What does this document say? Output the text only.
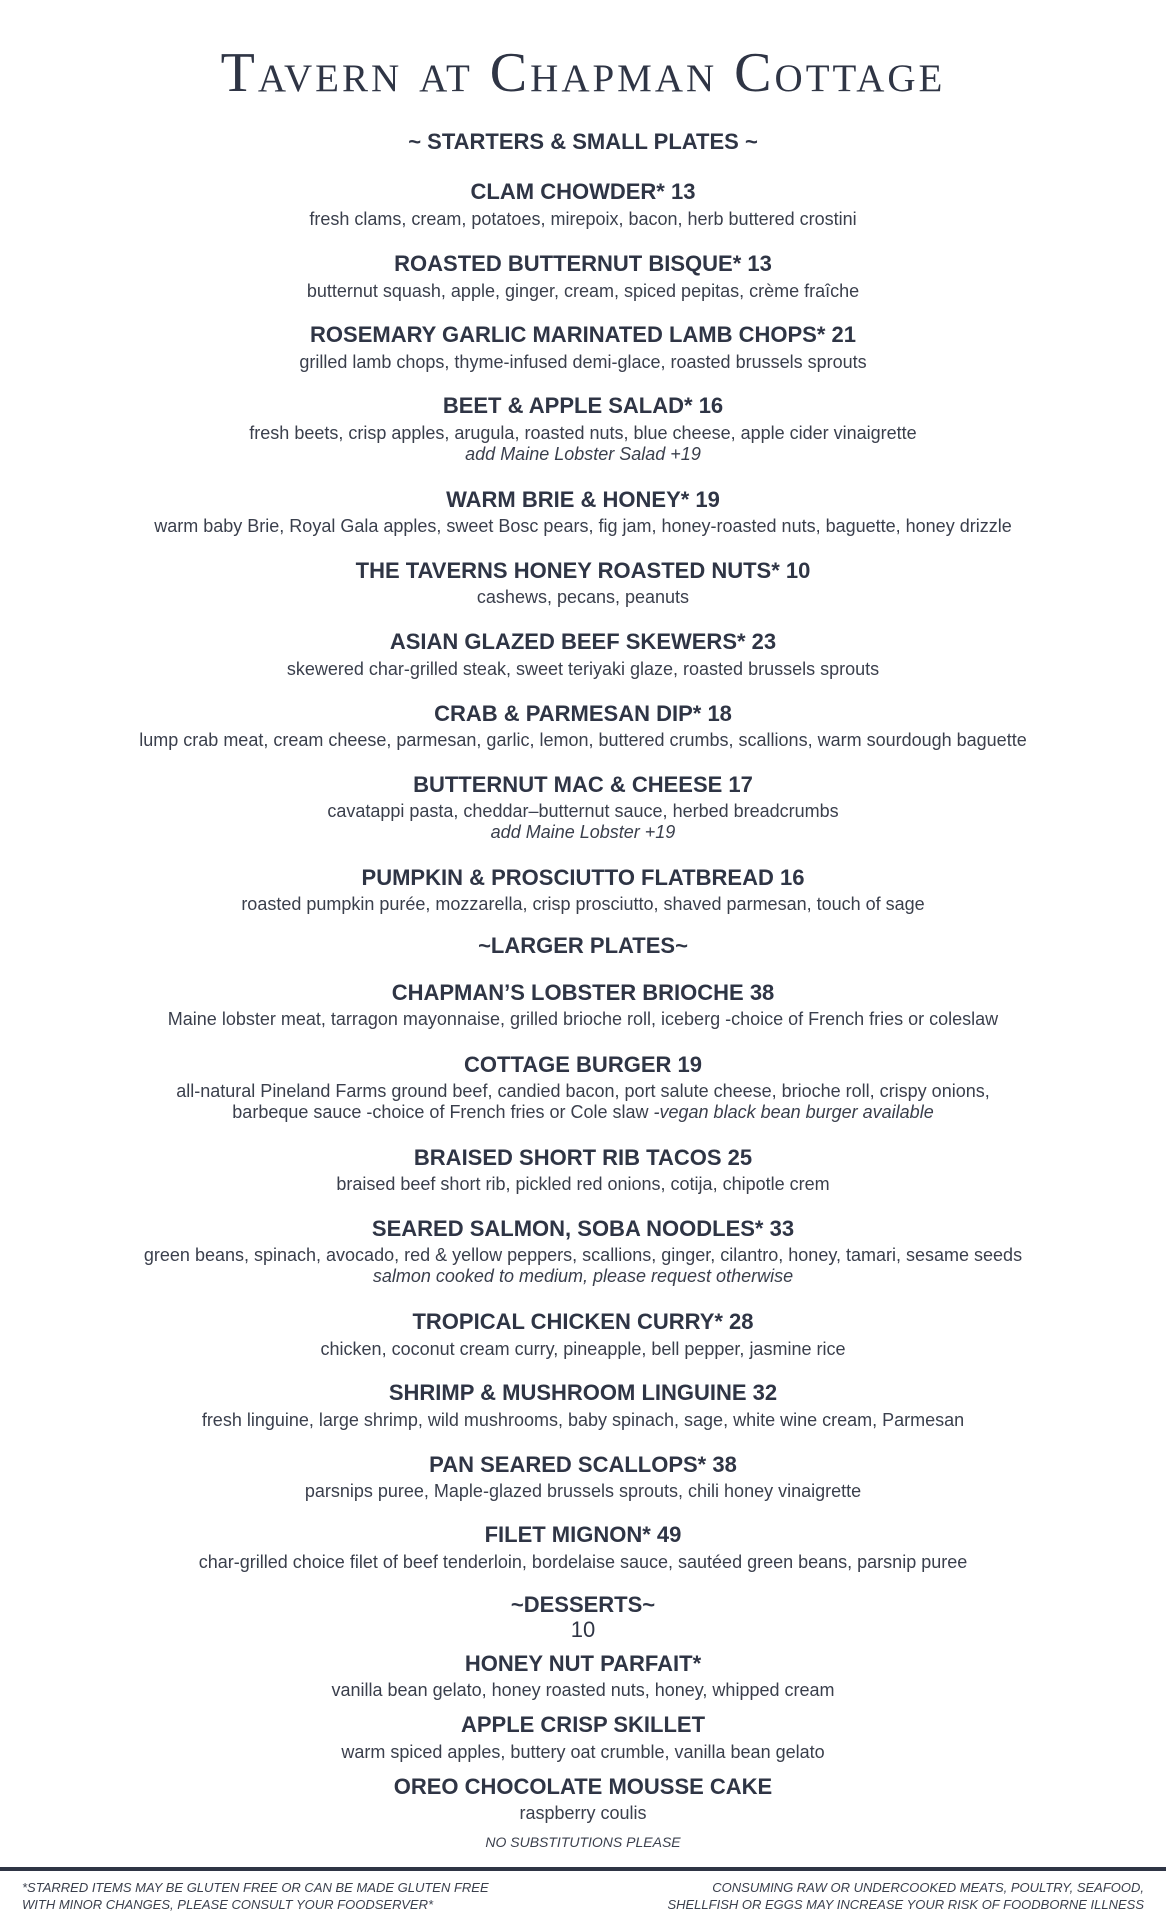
Tavern at Chapman Cottage
~ STARTERS & SMALL PLATES ~
CLAM CHOWDER* 13
fresh clams, cream, potatoes, mirepoix, bacon, herb buttered crostini
ROASTED BUTTERNUT BISQUE* 13
butternut squash, apple, ginger, cream, spiced pepitas, crème fraîche
ROSEMARY GARLIC MARINATED LAMB CHOPS* 21
grilled lamb chops, thyme-infused demi-glace, roasted brussels sprouts
BEET & APPLE SALAD* 16
fresh beets, crisp apples, arugula, roasted nuts, blue cheese, apple cider vinaigrette
add Maine Lobster Salad +19
WARM BRIE & HONEY* 19
warm baby Brie, Royal Gala apples, sweet Bosc pears, fig jam, honey-roasted nuts, baguette, honey drizzle
THE TAVERNS HONEY ROASTED NUTS* 10
cashews, pecans, peanuts
ASIAN GLAZED BEEF SKEWERS* 23
skewered char-grilled steak, sweet teriyaki glaze, roasted brussels sprouts
CRAB & PARMESAN DIP* 18
lump crab meat, cream cheese, parmesan, garlic, lemon, buttered crumbs, scallions, warm sourdough baguette
BUTTERNUT MAC & CHEESE 17
cavatappi pasta, cheddar–butternut sauce, herbed breadcrumbs
add Maine Lobster +19
PUMPKIN & PROSCIUTTO FLATBREAD 16
roasted pumpkin purée, mozzarella, crisp prosciutto, shaved parmesan, touch of sage
~LARGER PLATES~
CHAPMAN’S LOBSTER BRIOCHE 38
Maine lobster meat, tarragon mayonnaise, grilled brioche roll, iceberg -choice of French fries or coleslaw
COTTAGE BURGER 19
all-natural Pineland Farms ground beef, candied bacon, port salute cheese, brioche roll, crispy onions,
barbeque sauce -choice of French fries or Cole slaw -vegan black bean burger available
BRAISED SHORT RIB TACOS 25
braised beef short rib, pickled red onions, cotija, chipotle crem
SEARED SALMON, SOBA NOODLES* 33
green beans, spinach, avocado, red & yellow peppers, scallions, ginger, cilantro, honey, tamari, sesame seeds
salmon cooked to medium, please request otherwise
TROPICAL CHICKEN CURRY* 28
chicken, coconut cream curry, pineapple, bell pepper, jasmine rice
SHRIMP & MUSHROOM LINGUINE 32
fresh linguine, large shrimp, wild mushrooms, baby spinach, sage, white wine cream, Parmesan
PAN SEARED SCALLOPS* 38
parsnips puree, Maple-glazed brussels sprouts, chili honey vinaigrette
FILET MIGNON* 49
char-grilled choice filet of beef tenderloin, bordelaise sauce, sautéed green beans, parsnip puree
~DESSERTS~
10
HONEY NUT PARFAIT*
vanilla bean gelato, honey roasted nuts, honey, whipped cream
APPLE CRISP SKILLET
warm spiced apples, buttery oat crumble, vanilla bean gelato
OREO CHOCOLATE MOUSSE CAKE
raspberry coulis
NO SUBSTITUTIONS PLEASE
*STARRED ITEMS MAY BE GLUTEN FREE OR CAN BE MADE GLUTEN FREE
WITH MINOR CHANGES, PLEASE CONSULT YOUR FOODSERVER*
CONSUMING RAW OR UNDERCOOKED MEATS, POULTRY, SEAFOOD,
SHELLFISH OR EGGS MAY INCREASE YOUR RISK OF FOODBORNE ILLNESS
